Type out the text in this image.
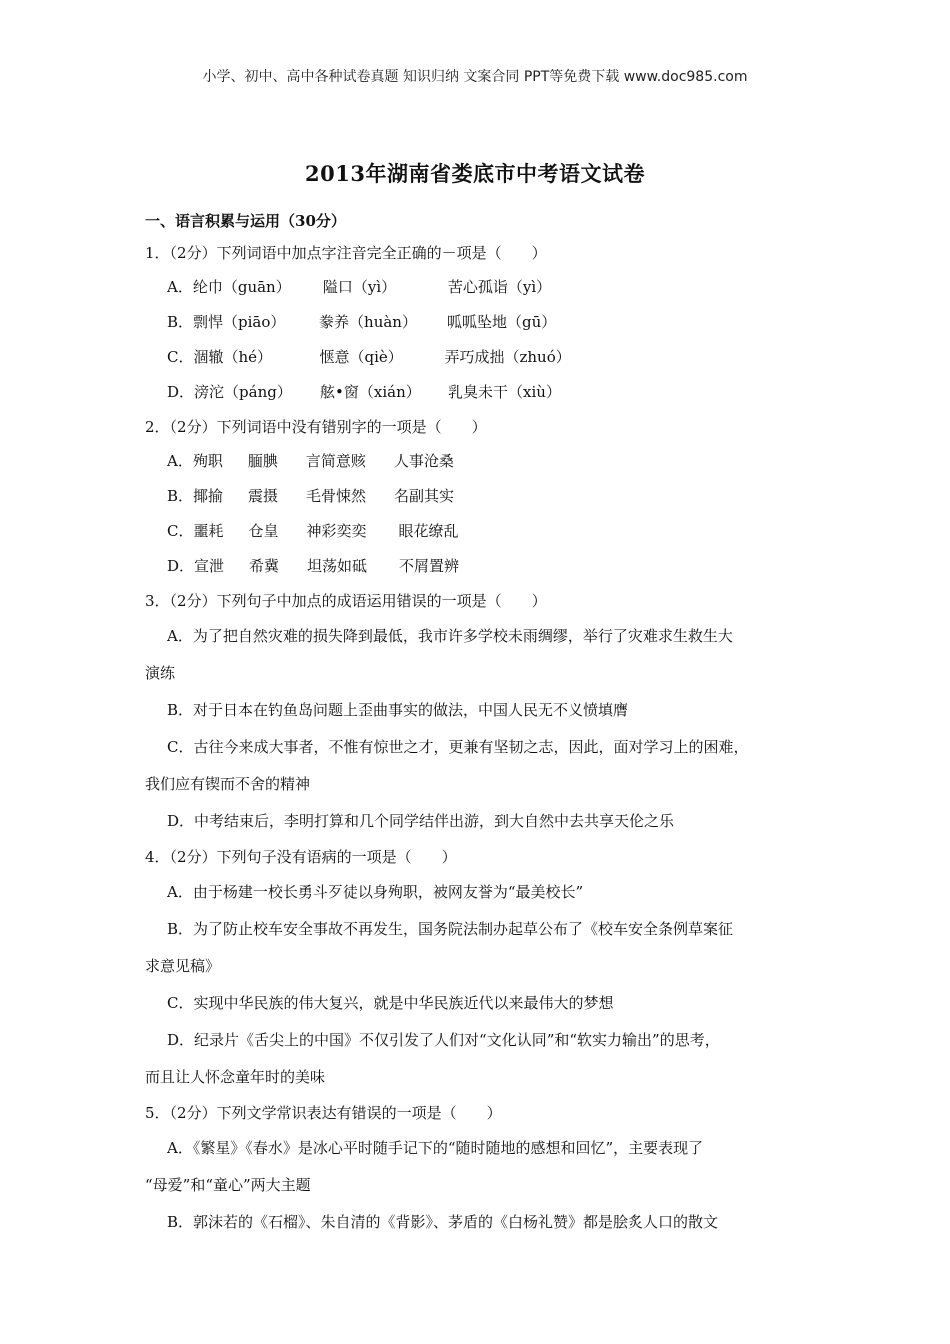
小学、初中、高中各种试卷真题 知识归纳 文案合同 PPT等免费下载 www.doc985.com
2013年湖南省娄底市中考语文试卷
一、语言积累与运用（30分）
1．（2分）下列词语中加点字注音完全正确的－项是（　　）
A．纶巾（guān） 隘口（yì）	苦心孤诣（yì）
B．剽悍（piāo） 豢养（huàn） 呱呱坠地（gū）
C．涸辙（hé）	惬意（qiè）	弄巧成拙（zhuó）
D．滂沱（páng） 舷•窗（xián） 乳臭未干（xiù）
2．（2分）下列词语中没有错别字的一项是（　　）
A．殉职 腼腆 言简意赅 人事沧桑
B．揶揄 震摄 毛骨悚然 名副其实
C．噩耗 仓皇 神彩奕奕 眼花缭乱
D．宣泄 希冀 坦荡如砥 不屑置辨
3．（2分）下列句子中加点的成语运用错误的一项是（　　）
A．为了把自然灾难的损失降到最低，我市许多学校未雨绸缪，举行了灾难求生救生大
演练
B．对于日本在钓鱼岛问题上歪曲事实的做法，中国人民无不义愤填膺
C．古往今来成大事者，不惟有惊世之才，更兼有坚韧之志，因此，面对学习上的困难，
我们应有锲而不舍的精神
D．中考结束后，李明打算和几个同学结伴出游，到大自然中去共享天伦之乐
4．（2分）下列句子没有语病的一项是（　　）
A．由于杨建一校长勇斗歹徒以身殉职，被网友誉为“最美校长”
B．为了防止校车安全事故不再发生，国务院法制办起草公布了《校车安全条例草案征
求意见稿》
C．实现中华民族的伟大复兴，就是中华民族近代以来最伟大的梦想
D．纪录片《舌尖上的中国》不仅引发了人们对“文化认同”和“软实力输出”的思考，
而且让人怀念童年时的美味
5．（2分）下列文学常识表达有错误的一项是（　　）
A．《繁星》《春水》是冰心平时随手记下的“随时随地的感想和回忆”，主要表现了
“母爱”和“童心”两大主题
B．郭沫若的《石榴》、朱自清的《背影》、茅盾的《白杨礼赞》都是脍炙人口的散文
